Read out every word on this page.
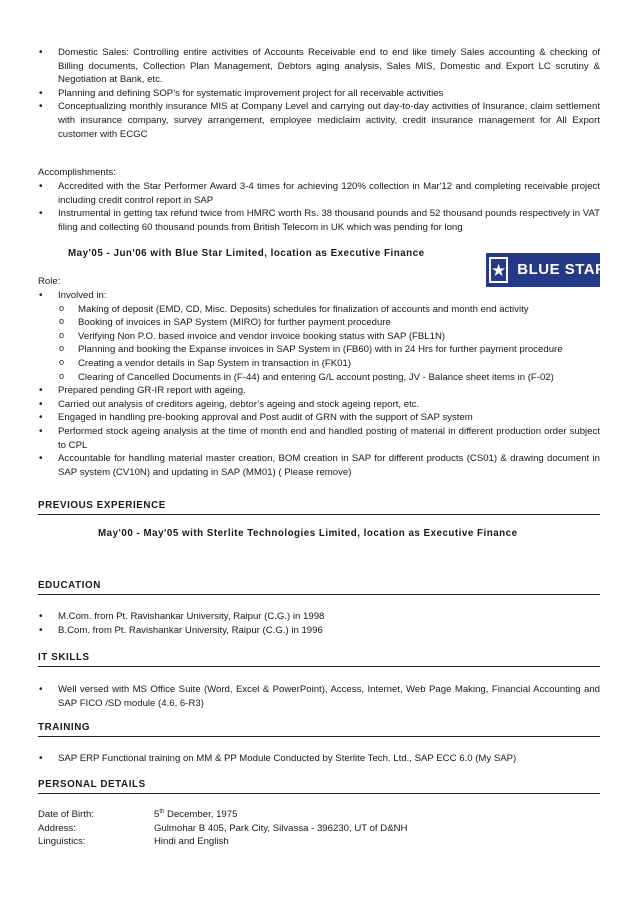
• Domestic Sales: Controlling entire activities of Accounts Receivable end to end like timely Sales accounting & checking of Billing documents, Collection Plan Management, Debtors aging analysis, Sales MIS, Domestic and Export LC scrutiny & Negotiation at Bank, etc.
• Planning and defining SOP’s for systematic improvement project for all receivable activities
• Conceptualizing monthly insurance MIS at Company Level and carrying out day-to-day activities of Insurance, claim settlement with insurance company, survey arrangement, employee mediclaim activity, credit insurance management for All Export customer with ECGC
Accomplishments:
• Accredited with the Star Performer Award 3-4 times for achieving 120% collection in Mar'12 and completing receivable project including credit control report in SAP
• Instrumental in getting tax refund twice from HMRC worth Rs. 38 thousand pounds and 52 thousand pounds respectively in VAT filing and collecting 60 thousand pounds from British Telecom in UK which was pending for long
May'05 - Jun'06 with Blue Star Limited, location as Executive Finance
★ BLUE STAR
Role:
• Involved in:
o Making of deposit (EMD, CD, Misc. Deposits) schedules for finalization of accounts and month end activity
o Booking of invoices in SAP System (MIRO) for further payment procedure
o Verifying Non P.O. based invoice and vendor invoice booking status with SAP (FBL1N)
o Planning and booking the Expanse invoices in SAP System in (FB60) with in 24 Hrs for further payment procedure
o Creating a vendor details in Sap System in transaction in (FK01)
o Clearing of Cancelled Documents in (F-44) and entering G/L account posting, JV - Balance sheet items in (F-02)
• Prepared pending GR-IR report with ageing.
• Carried out analysis of creditors ageing, debtor’s ageing and stock ageing report, etc.
• Engaged in handling pre-booking approval and Post audit of GRN with the support of SAP system
• Performed stock ageing analysis at the time of month end and handled posting of material in different production order subject to CPL
• Accountable for handling material master creation, BOM creation in SAP for different products (CS01) & drawing document in SAP system (CV10N) and updating in SAP (MM01) ( Please remove)
PREVIOUS EXPERIENCE
May'00 - May'05 with Sterlite Technologies Limited, location as Executive Finance
EDUCATION
• M.Com. from Pt. Ravishankar University, Raipur (C.G.) in 1998
• B.Com. from Pt. Ravishankar University, Raipur (C.G.) in 1996
IT SKILLS
• Well versed with MS Office Suite (Word, Excel & PowerPoint), Access, Internet, Web Page Making, Financial Accounting and SAP FICO /SD module (4.6, 6-R3)
TRAINING
• SAP ERP Functional training on MM & PP Module Conducted by Sterlite Tech. Ltd., SAP ECC 6.0 (My SAP)
PERSONAL DETAILS
Date of Birth:	5th December, 1975
Address:	Gulmohar B 405, Park City, Silvassa - 396230, UT of D&NH
Linguistics:	Hindi and English
